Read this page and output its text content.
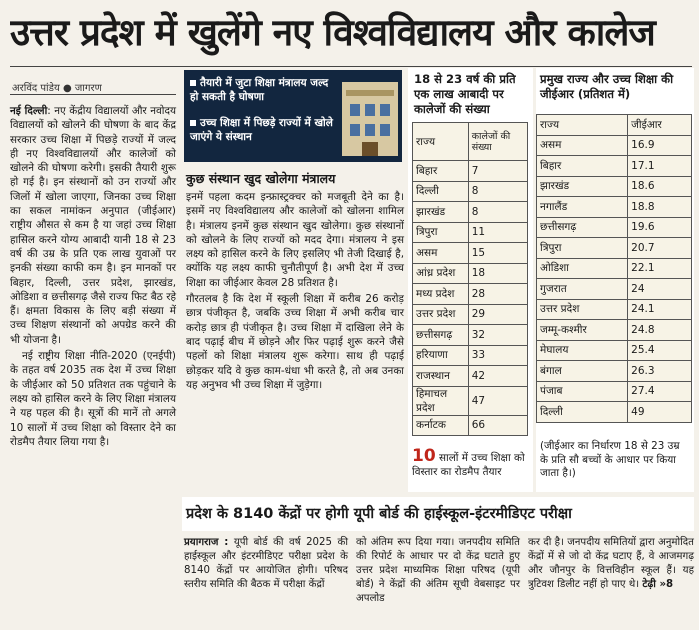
उत्तर प्रदेश में खुलेंगे नए विश्वविद्यालय और कालेज
अरविंद पांडेय ● जागरण

नई दिल्ली: नए केंद्रीय विद्यालयों और नवोदय विद्यालयों को खोलने की घोषणा के बाद केंद्र सरकार उच्च शिक्षा में पिछड़े राज्यों में जल्द ही नए विश्वविद्यालयों और कालेजों को खोलने की घोषणा करेगी। इसकी तैयारी शुरू हो गई है। इन संस्थानों को उन राज्यों और जिलों में खोला जाएगा, जिनका उच्च शिक्षा का सकल नामांकन अनुपात (जीईआर) राष्ट्रीय औसत से कम है या जहां उच्च शिक्षा हासिल करने योग्य आबादी यानी 18 से 23 वर्ष की उम्र के प्रति एक लाख युवाओं पर इनकी संख्या काफी कम है। इन मानकों पर बिहार, दिल्ली, उत्तर प्रदेश, झारखंड, ओडिशा व छत्तीसगढ़ जैसे राज्य फिट बैठ रहे हैं। क्षमता विकास के लिए बड़ी संख्या में उच्च शिक्षण संस्थानों को अपग्रेड करने की भी योजना है।

नई राष्ट्रीय शिक्षा नीति-2020 (एनईपी) के तहत वर्ष 2035 तक देश में उच्च शिक्षा के जीईआर को 50 प्रतिशत तक पहुंचाने के लक्ष्य को हासिल करने के लिए शिक्षा मंत्रालय ने यह पहल की है। सूत्रों की मानें तो अगले 10 सालों में उच्च शिक्षा को विस्तार देने का रोडमैप तैयार लिया गया है।

तैयारी में जुटा शिक्षा मंत्रालय जल्द हो सकती है घोषणा
उच्च शिक्षा में पिछड़े राज्यों में खोले जाएंगे ये संस्थान
कुछ संस्थान खुद खोलेगा मंत्रालय

इनमें पहला कदम इन्फ्रास्ट्रक्चर को मजबूती देने का है। इसमें नए विश्वविद्यालय और कालेजों को खोलना शामिल है। मंत्रालय इनमें कुछ संस्थान खुद खोलेगा। कुछ संस्थानों को खोलने के लिए राज्यों को मदद देगा। मंत्रालय ने इस लक्ष्य को हासिल करने के लिए इसलिए भी तेजी दिखाई है, क्योंकि यह लक्ष्य काफी चुनौतीपूर्ण है। अभी देश में उच्च शिक्षा का जीईआर केवल 28 प्रतिशत है।

गौरतलब है कि देश में स्कूली शिक्षा में करीब 26 करोड़ छात्र पंजीकृत है, जबकि उच्च शिक्षा में अभी करीब चार करोड़ छात्र ही पंजीकृत है। उच्च शिक्षा में दाखिला लेने के बाद पढ़ाई बीच में छोड़ने और फिर पढ़ाई शुरू करने जैसे पहलों को शिक्षा मंत्रालय शुरू करेगा। साथ ही पढ़ाई छोड़कर यदि वे कुछ काम-धंधा भी करते है, तो अब उनका यह अनुभव भी उच्च शिक्षा में जुड़ेगा।

18 से 23 वर्ष की प्रति एक लाख आबादी पर कालेजों की संख्या
राज्य	कालेजों की संख्या
बिहार	7
दिल्ली	8
झारखंड	8
त्रिपुरा	11
असम	15
आंध्र प्रदेश	18
मध्य प्रदेश	28
उत्तर प्रदेश	29
छत्तीसगढ़	32
हरियाणा	33
राजस्थान	42
हिमाचल प्रदेश	47
कर्नाटक	66
10 सालों में उच्च शिक्षा को विस्तार का रोडमैप तैयार
प्रमुख राज्य और उच्च शिक्षा की जीईआर (प्रतिशत में)
राज्य	जीईआर
असम	16.9
बिहार	17.1
झारखंड	18.6
नगालैंड	18.8
छत्तीसगढ़	19.6
त्रिपुरा	20.7
ओडिशा	22.1
गुजरात	24
उत्तर प्रदेश	24.1
जम्मू-कश्मीर	24.8
मेघालय	25.4
बंगाल	26.3
पंजाब	27.4
दिल्ली	49
(जीईआर का निर्धारण 18 से 23 उम्र के प्रति सौ बच्चों के आधार पर किया जाता है।)
प्रदेश के 8140 केंद्रों पर होगी यूपी बोर्ड की हाईस्कूल-इंटरमीडिएट परीक्षा
प्रयागराज : यूपी बोर्ड की वर्ष 2025 की हाईस्कूल और इंटरमीडिएट परीक्षा प्रदेश के 8140 केंद्रों पर आयोजित होगी। परिषद स्तरीय समिति की बैठक में परीक्षा केंद्रों
को अंतिम रूप दिया गया। जनपदीय समिति की रिपोर्ट के आधार पर दो केंद्र घटाते हुए उत्तर प्रदेश माध्यमिक शिक्षा परिषद (यूपी बोर्ड) ने केंद्रों की अंतिम सूची वेबसाइट पर अपलोड
कर दी है। जनपदीय समितियों द्वारा अनुमोदित केंद्रों में से जो दो केंद्र घटाए हैं, वे आजमगढ़ और जौनपुर के वित्तविहीन स्कूल हैं। यह त्रुटिवश डिलीट नहीं हो पाए थे। टेढ़ी »8
